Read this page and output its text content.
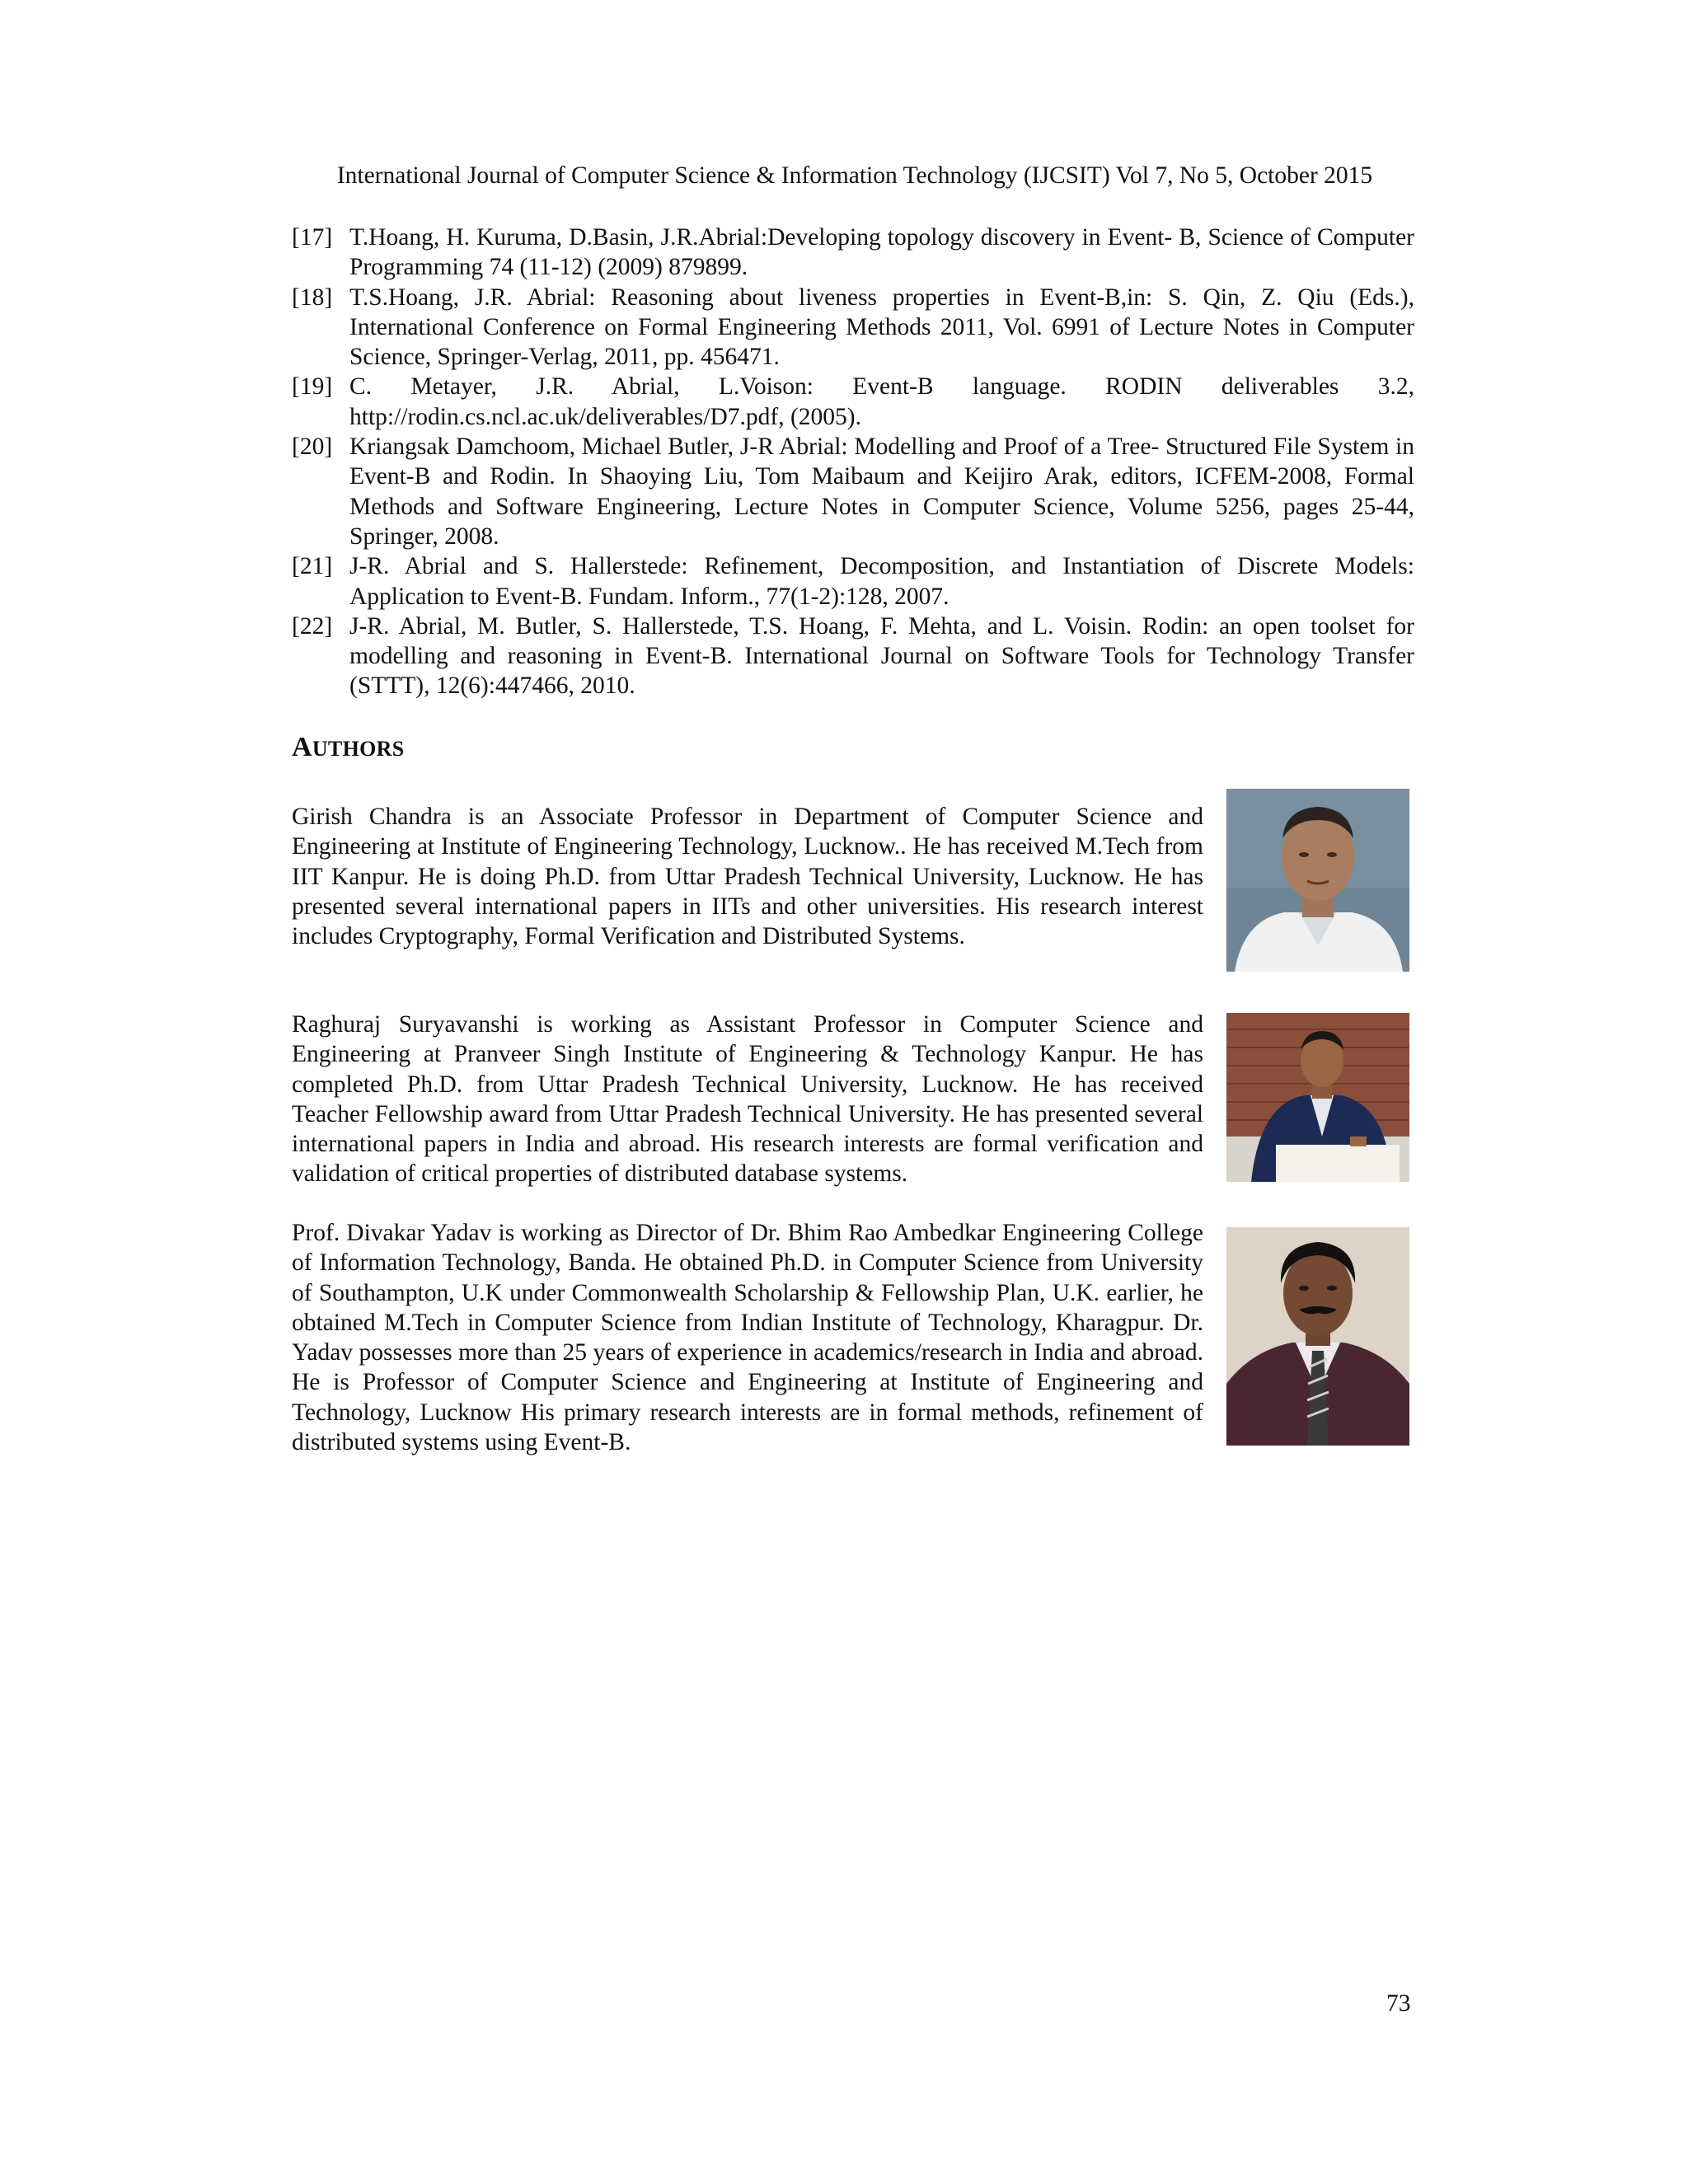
International Journal of Computer Science & Information Technology (IJCSIT) Vol 7, No 5, October 2015
[17] T.Hoang, H. Kuruma, D.Basin, J.R.Abrial:Developing topology discovery in Event- B, Science of Computer Programming 74 (11-12) (2009) 879899.
[18] T.S.Hoang, J.R. Abrial: Reasoning about liveness properties in Event-B,in: S. Qin, Z. Qiu (Eds.), International Conference on Formal Engineering Methods 2011, Vol. 6991 of Lecture Notes in Computer Science, Springer-Verlag, 2011, pp. 456471.
[19] C. Metayer, J.R. Abrial, L.Voison: Event-B language. RODIN deliverables 3.2, http://rodin.cs.ncl.ac.uk/deliverables/D7.pdf, (2005).
[20] Kriangsak Damchoom, Michael Butler, J-R Abrial: Modelling and Proof of a Tree- Structured File System in Event-B and Rodin. In Shaoying Liu, Tom Maibaum and Keijiro Arak, editors, ICFEM-2008, Formal Methods and Software Engineering, Lecture Notes in Computer Science, Volume 5256, pages 25-44, Springer, 2008.
[21] J-R. Abrial and S. Hallerstede: Refinement, Decomposition, and Instantiation of Discrete Models: Application to Event-B. Fundam. Inform., 77(1-2):128, 2007.
[22] J-R. Abrial, M. Butler, S. Hallerstede, T.S. Hoang, F. Mehta, and L. Voisin. Rodin: an open toolset for modelling and reasoning in Event-B. International Journal on Software Tools for Technology Transfer (STTT), 12(6):447466, 2010.
AUTHORS
Girish Chandra is an Associate Professor in Department of Computer Science and Engineering at Institute of Engineering Technology, Lucknow.. He has received M.Tech from IIT Kanpur. He is doing Ph.D. from Uttar Pradesh Technical University, Lucknow. He has presented several international papers in IITs and other universities. His research interest includes Cryptography, Formal Verification and Distributed Systems.
Raghuraj Suryavanshi is working as Assistant Professor in Computer Science and Engineering at Pranveer Singh Institute of Engineering & Technology Kanpur. He has completed Ph.D. from Uttar Pradesh Technical University, Lucknow. He has received Teacher Fellowship award from Uttar Pradesh Technical University. He has presented several international papers in India and abroad. His research interests are formal verification and validation of critical properties of distributed database systems.
Prof. Divakar Yadav is working as Director of Dr. Bhim Rao Ambedkar Engineering College of Information Technology, Banda. He obtained Ph.D. in Computer Science from University of Southampton, U.K under Commonwealth Scholarship & Fellowship Plan, U.K. earlier, he obtained M.Tech in Computer Science from Indian Institute of Technology, Kharagpur. Dr. Yadav possesses more than 25 years of experience in academics/research in India and abroad. He is Professor of Computer Science and Engineering at Institute of Engineering and Technology, Lucknow His primary research interests are in formal methods, refinement of distributed systems using Event-B.
73
